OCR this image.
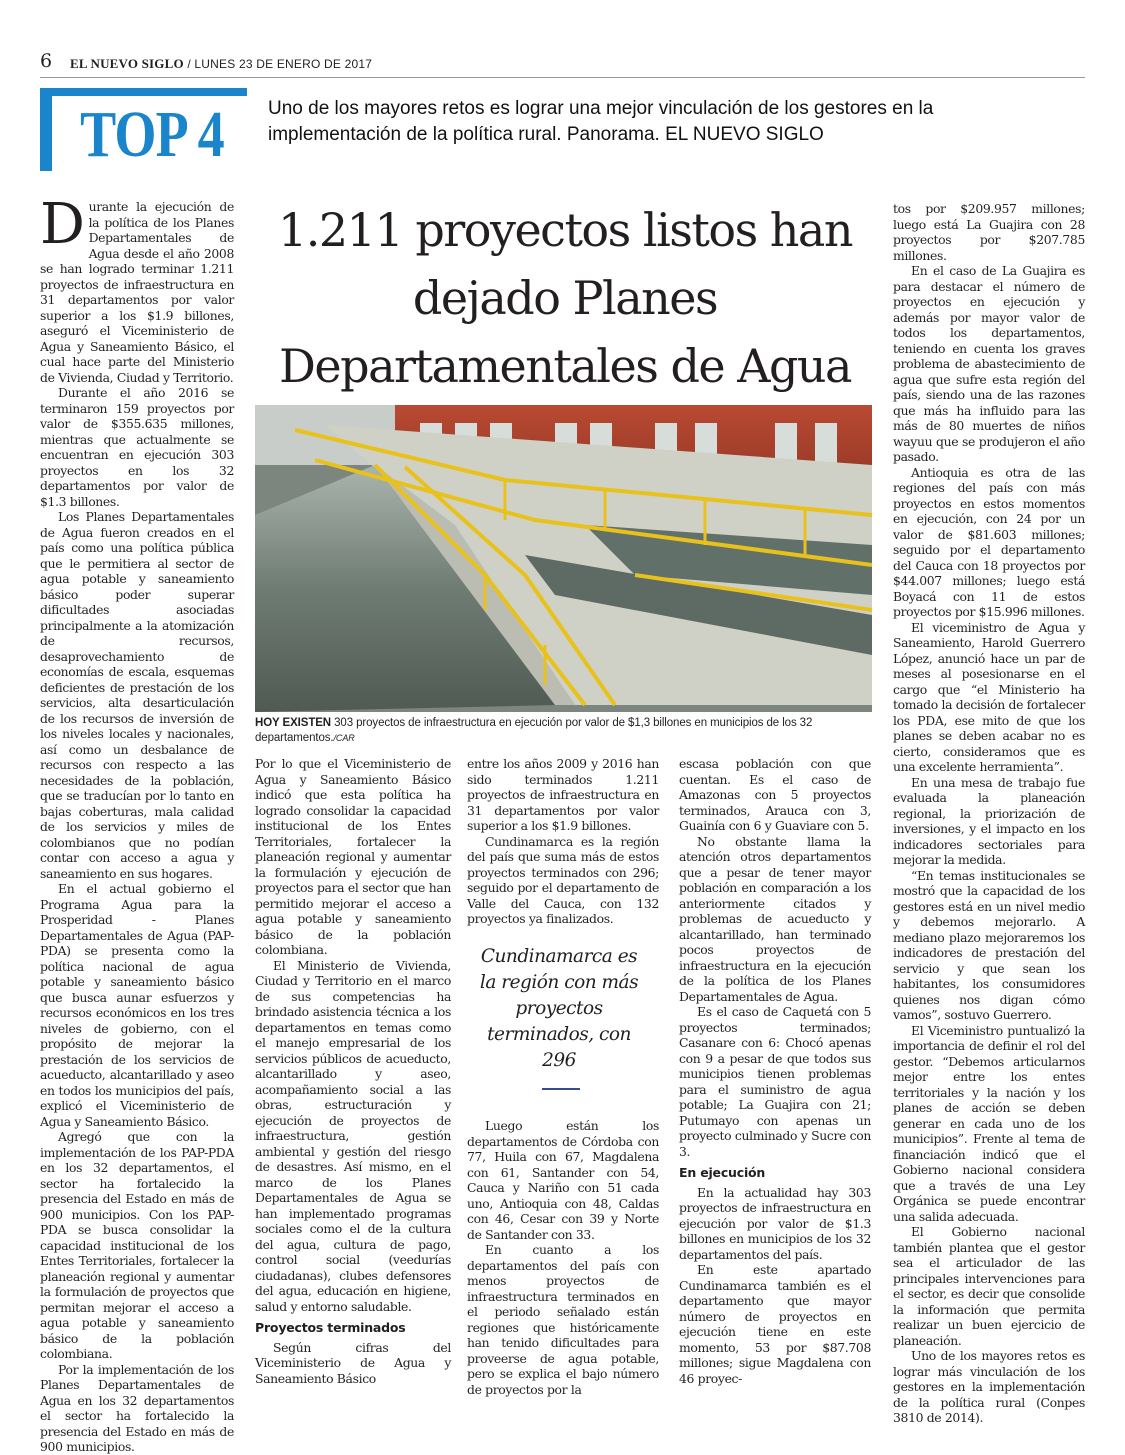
6 EL NUEVO SIGLO / LUNES 23 DE ENERO DE 2017
TOP 4	Uno de los mayores retos es lograr una mejor vinculación de los gestores en la implementación de la política rural. Panorama. EL NUEVO SIGLO

Durante la ejecución de la política de los Planes Departamentales de Agua desde el año 2008 se han logrado terminar 1.211 proyectos de infraestructura en 31 departamentos por valor superior a los $1.9 billones, aseguró el Viceministerio de Agua y Saneamiento Básico, el cual hace parte del Ministerio de Vivienda, Ciudad y Territorio.

Durante el año 2016 se terminaron 159 proyectos por valor de $355.635 millones, mientras que actualmente se encuentran en ejecución 303 proyectos en los 32 departamentos por valor de $1.3 billones.

Los Planes Departamentales de Agua fueron creados en el país como una política pública que le permitiera al sector de agua potable y saneamiento básico poder superar dificultades asociadas principalmente a la atomización de recursos, desaprovechamiento de economías de escala, esquemas deficientes de prestación de los servicios, alta desarticulación de los recursos de inversión de los niveles locales y nacionales, así como un desbalance de recursos con respecto a las necesidades de la población, que se traducían por lo tanto en bajas coberturas, mala calidad de los servicios y miles de colombianos que no podían contar con acceso a agua y saneamiento en sus hogares.

En el actual gobierno el Programa Agua para la Prosperidad - Planes Departamentales de Agua (PAP-PDA) se presenta como la política nacional de agua potable y saneamiento básico que busca aunar esfuerzos y recursos económicos en los tres niveles de gobierno, con el propósito de mejorar la prestación de los servicios de acueducto, alcantarillado y aseo en todos los municipios del país, explicó el Viceministerio de Agua y Saneamiento Básico.

Agregó que con la implementación de los PAP-PDA en los 32 departamentos, el sector ha fortalecido la presencia del Estado en más de 900 municipios. Con los PAP-PDA se busca consolidar la capacidad institucional de los Entes Territoriales, fortalecer la planeación regional y aumentar la formulación de proyectos que permitan mejorar el acceso a agua potable y saneamiento básico de la población colombiana.

Por la implementación de los Planes Departamentales de Agua en los 32 departamentos el sector ha fortalecido la presencia del Estado en más de 900 municipios.

1.211 proyectos listos han dejado Planes Departamentales de Agua
HOY EXISTEN 303 proyectos de infraestructura en ejecución por valor de $1,3 billones en municipios de los 32 departamentos./CAR

Por lo que el Viceministerio de Agua y Saneamiento Básico indicó que esta política ha logrado consolidar la capacidad institucional de los Entes Territoriales, fortalecer la planeación regional y aumentar la formulación y ejecución de proyectos para el sector que han permitido mejorar el acceso a agua potable y saneamiento básico de la población colombiana.

El Ministerio de Vivienda, Ciudad y Territorio en el marco de sus competencias ha brindado asistencia técnica a los departamentos en temas como el manejo empresarial de los servicios públicos de acueducto, alcantarillado y aseo, acompañamiento social a las obras, estructuración y ejecución de proyectos de infraestructura, gestión ambiental y gestión del riesgo de desastres. Así mismo, en el marco de los Planes Departamentales de Agua se han implementado programas sociales como el de la cultura del agua, cultura de pago, control social (veedurías ciudadanas), clubes defensores del agua, educación en higiene, salud y entorno saludable.

Proyectos terminados

Según cifras del Viceministerio de Agua y Saneamiento Básico

entre los años 2009 y 2016 han sido terminados 1.211 proyectos de infraestructura en 31 departamentos por valor superior a los $1.9 billones.

Cundinamarca es la región del país que suma más de estos proyectos terminados con 296; seguido por el departamento de Valle del Cauca, con 132 proyectos ya finalizados.

Cundinamarca es la región con más proyectos terminados, con 296

Luego están los departamentos de Córdoba con 77, Huila con 67, Magdalena con 61, Santander con 54, Cauca y Nariño con 51 cada uno, Antioquia con 48, Caldas con 46, Cesar con 39 y Norte de Santander con 33.

En cuanto a los departamentos del país con menos proyectos de infraestructura terminados en el periodo señalado están regiones que históricamente han tenido dificultades para proveerse de agua potable, pero se explica el bajo número de proyectos por la

escasa población con que cuentan. Es el caso de Amazonas con 5 proyectos terminados, Arauca con 3, Guainía con 6 y Guaviare con 5.

No obstante llama la atención otros departamentos que a pesar de tener mayor población en comparación a los anteriormente citados y problemas de acueducto y alcantarillado, han terminado pocos proyectos de infraestructura en la ejecución de la política de los Planes Departamentales de Agua.

Es el caso de Caquetá con 5 proyectos terminados; Casanare con 6: Chocó apenas con 9 a pesar de que todos sus municipios tienen problemas para el suministro de agua potable; La Guajira con 21; Putumayo con apenas un proyecto culminado y Sucre con 3.

En ejecución

En la actualidad hay 303 proyectos de infraestructura en ejecución por valor de $1.3 billones en municipios de los 32 departamentos del país.

En este apartado Cundinamarca también es el departamento que mayor número de proyectos en ejecución tiene en este momento, 53 por $87.708 millones; sigue Magdalena con 46 proyec-

tos por $209.957 millones; luego está La Guajira con 28 proyectos por $207.785 millones.

En el caso de La Guajira es para destacar el número de proyectos en ejecución y además por mayor valor de todos los departamentos, teniendo en cuenta los graves problema de abastecimiento de agua que sufre esta región del país, siendo una de las razones que más ha influido para las más de 80 muertes de niños wayuu que se produjeron el año pasado.

Antioquia es otra de las regiones del país con más proyectos en estos momentos en ejecución, con 24 por un valor de $81.603 millones; seguido por el departamento del Cauca con 18 proyectos por $44.007 millones; luego está Boyacá con 11 de estos proyectos por $15.996 millones.

El viceministro de Agua y Saneamiento, Harold Guerrero López, anunció hace un par de meses al posesionarse en el cargo que “el Ministerio ha tomado la decisión de fortalecer los PDA, ese mito de que los planes se deben acabar no es cierto, consideramos que es una excelente herramienta”.

En una mesa de trabajo fue evaluada la planeación regional, la priorización de inversiones, y el impacto en los indicadores sectoriales para mejorar la medida.

“En temas institucionales se mostró que la capacidad de los gestores está en un nivel medio y debemos mejorarlo. A mediano plazo mejoraremos los indicadores de prestación del servicio y que sean los habitantes, los consumidores quienes nos digan cómo vamos”, sostuvo Guerrero.

El Viceministro puntualizó la importancia de definir el rol del gestor. “Debemos articularnos mejor entre los entes territoriales y la nación y los planes de acción se deben generar en cada uno de los municipios”. Frente al tema de financiación indicó que el Gobierno nacional considera que a través de una Ley Orgánica se puede encontrar una salida adecuada.

El Gobierno nacional también plantea que el gestor sea el articulador de las principales intervenciones para el sector, es decir que consolide la información que permita realizar un buen ejercicio de planeación.

Uno de los mayores retos es lograr más vinculación de los gestores en la implementación de la política rural (Conpes 3810 de 2014).
